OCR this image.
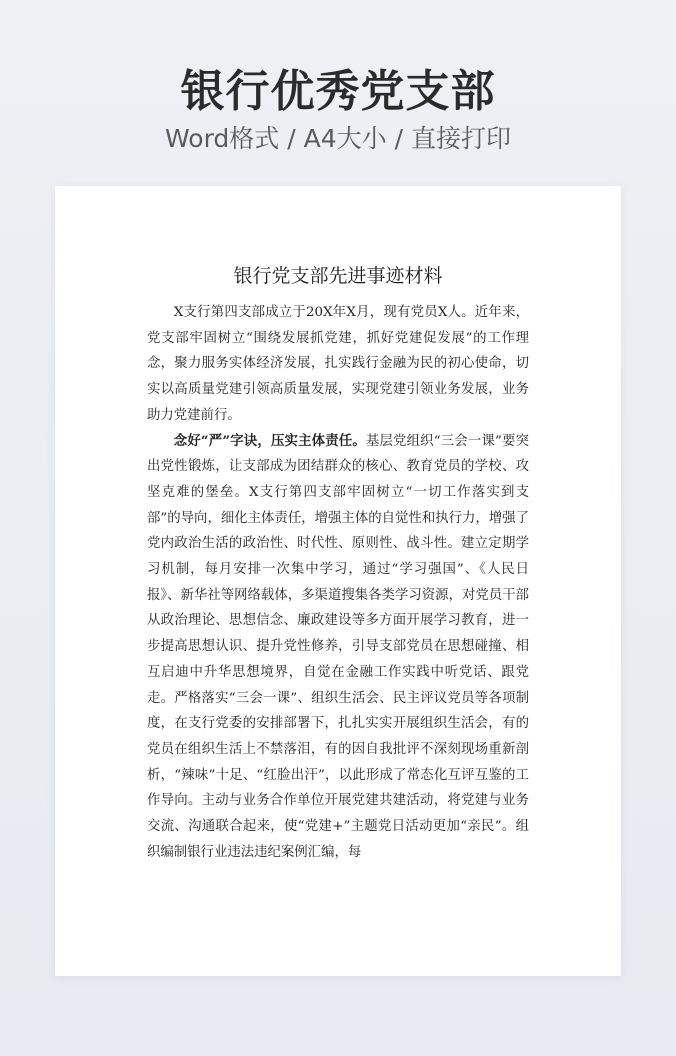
银行优秀党支部
Word格式 / A4大小 / 直接打印
银行党支部先进事迹材料

X支行第四支部成立于20X年X月，现有党员X人。近年来，党支部牢固树立“围绕发展抓党建，抓好党建促发展”的工作理念，聚力服务实体经济发展，扎实践行金融为民的初心使命，切实以高质量党建引领高质量发展，实现党建引领业务发展，业务助力党建前行。

念好“严”字诀，压实主体责任。基层党组织“三会一课”要突出党性锻炼，让支部成为团结群众的核心、教育党员的学校、攻坚克难的堡垒。X支行第四支部牢固树立“一切工作落实到支部”的导向，细化主体责任，增强主体的自觉性和执行力，增强了党内政治生活的政治性、时代性、原则性、战斗性。建立定期学习机制，每月安排一次集中学习，通过“学习强国”、《人民日报》、新华社等网络载体，多渠道搜集各类学习资源，对党员干部从政治理论、思想信念、廉政建设等多方面开展学习教育，进一步提高思想认识、提升党性修养，引导支部党员在思想碰撞、相互启迪中升华思想境界，自觉在金融工作实践中听党话、跟党走。严格落实“三会一课”、组织生活会、民主评议党员等各项制度，在支行党委的安排部署下，扎扎实实开展组织生活会，有的党员在组织生活上不禁落泪，有的因自我批评不深刻现场重新剖析，“辣味”十足、“红脸出汗”，以此形成了常态化互评互鉴的工作导向。主动与业务合作单位开展党建共建活动，将党建与业务交流、沟通联合起来，使“党建+”主题党日活动更加“亲民”。组织编制银行业违法违纪案例汇编，每
